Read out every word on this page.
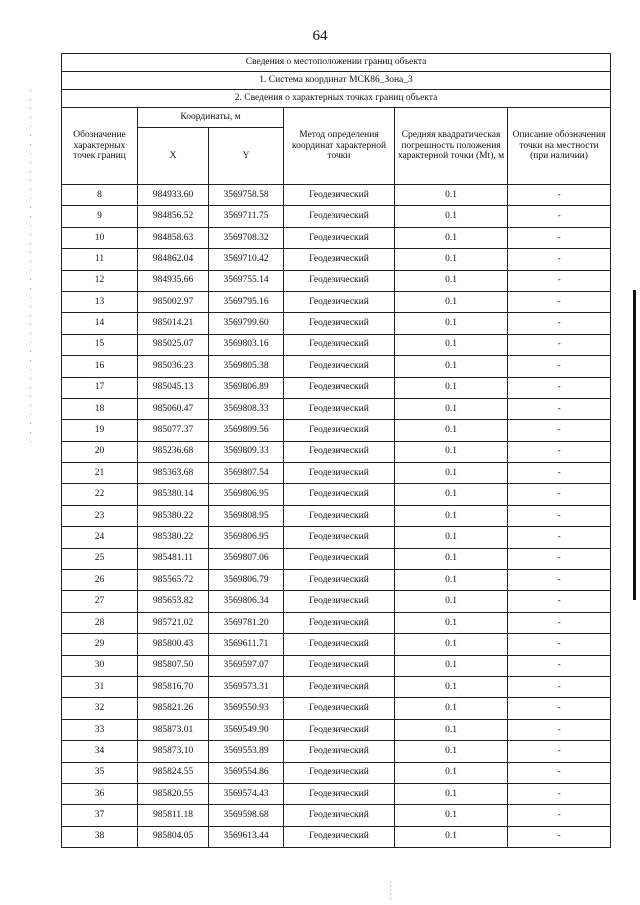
64
Сведения о местоположении границ объекта					
1. Система координат МСК86_Зона_3					
2. Сведения о характерных точках границ объекта					
Обозначение характерных точек границ	Координаты, м		Метод определения координат характерной точки	Средняя квадратическая погрешность положения характерной точки (Mt), м	Описание обозначения точки на местности (при наличии)
	X	Y			
8	984933.60	3569758.58	Геодезический	0.1	-
9	984856.52	3569711.75	Геодезический	0.1	-
10	984858.63	3569708.32	Геодезический	0.1	-
11	984862.04	3569710.42	Геодезический	0.1	-
12	984935.66	3569755.14	Геодезический	0.1	-
13	985002.97	3569795.16	Геодезический	0.1	-
14	985014.21	3569799.60	Геодезический	0.1	-
15	985025.07	3569803.16	Геодезический	0.1	-
16	985036.23	3569805.38	Геодезический	0.1	-
17	985045.13	3569806.89	Геодезический	0.1	-
18	985060.47	3569808.33	Геодезический	0.1	-
19	985077.37	3569809.56	Геодезический	0.1	-
20	985236.68	3569809.33	Геодезический	0.1	-
21	985363.68	3569807.54	Геодезический	0.1	-
22	985380.14	3569806.95	Геодезический	0.1	-
23	985380.22	3569808.95	Геодезический	0.1	-
24	985380.22	3569806.95	Геодезический	0.1	-
25	985481.11	3569807.06	Геодезический	0.1	-
26	985565.72	3569806.79	Геодезический	0.1	-
27	985653.82	3569806.34	Геодезический	0.1	-
28	985721.02	3569781.20	Геодезический	0.1	-
29	985800.43	3569611.71	Геодезический	0.1	-
30	985807.50	3569597.07	Геодезический	0.1	-
31	985816.70	3569573.31	Геодезический	0.1	-
32	985821.26	3569550.93	Геодезический	0.1	-
33	985873.01	3569549.90	Геодезический	0.1	-
34	985873.10	3569553.89	Геодезический	0.1	-
35	985824.55	3569554.86	Геодезический	0.1	-
36	985820.55	3569574.43	Геодезический	0.1	-
37	985811.18	3569598.68	Геодезический	0.1	-
38	985804.05	3569613.44	Геодезический	0.1	-
